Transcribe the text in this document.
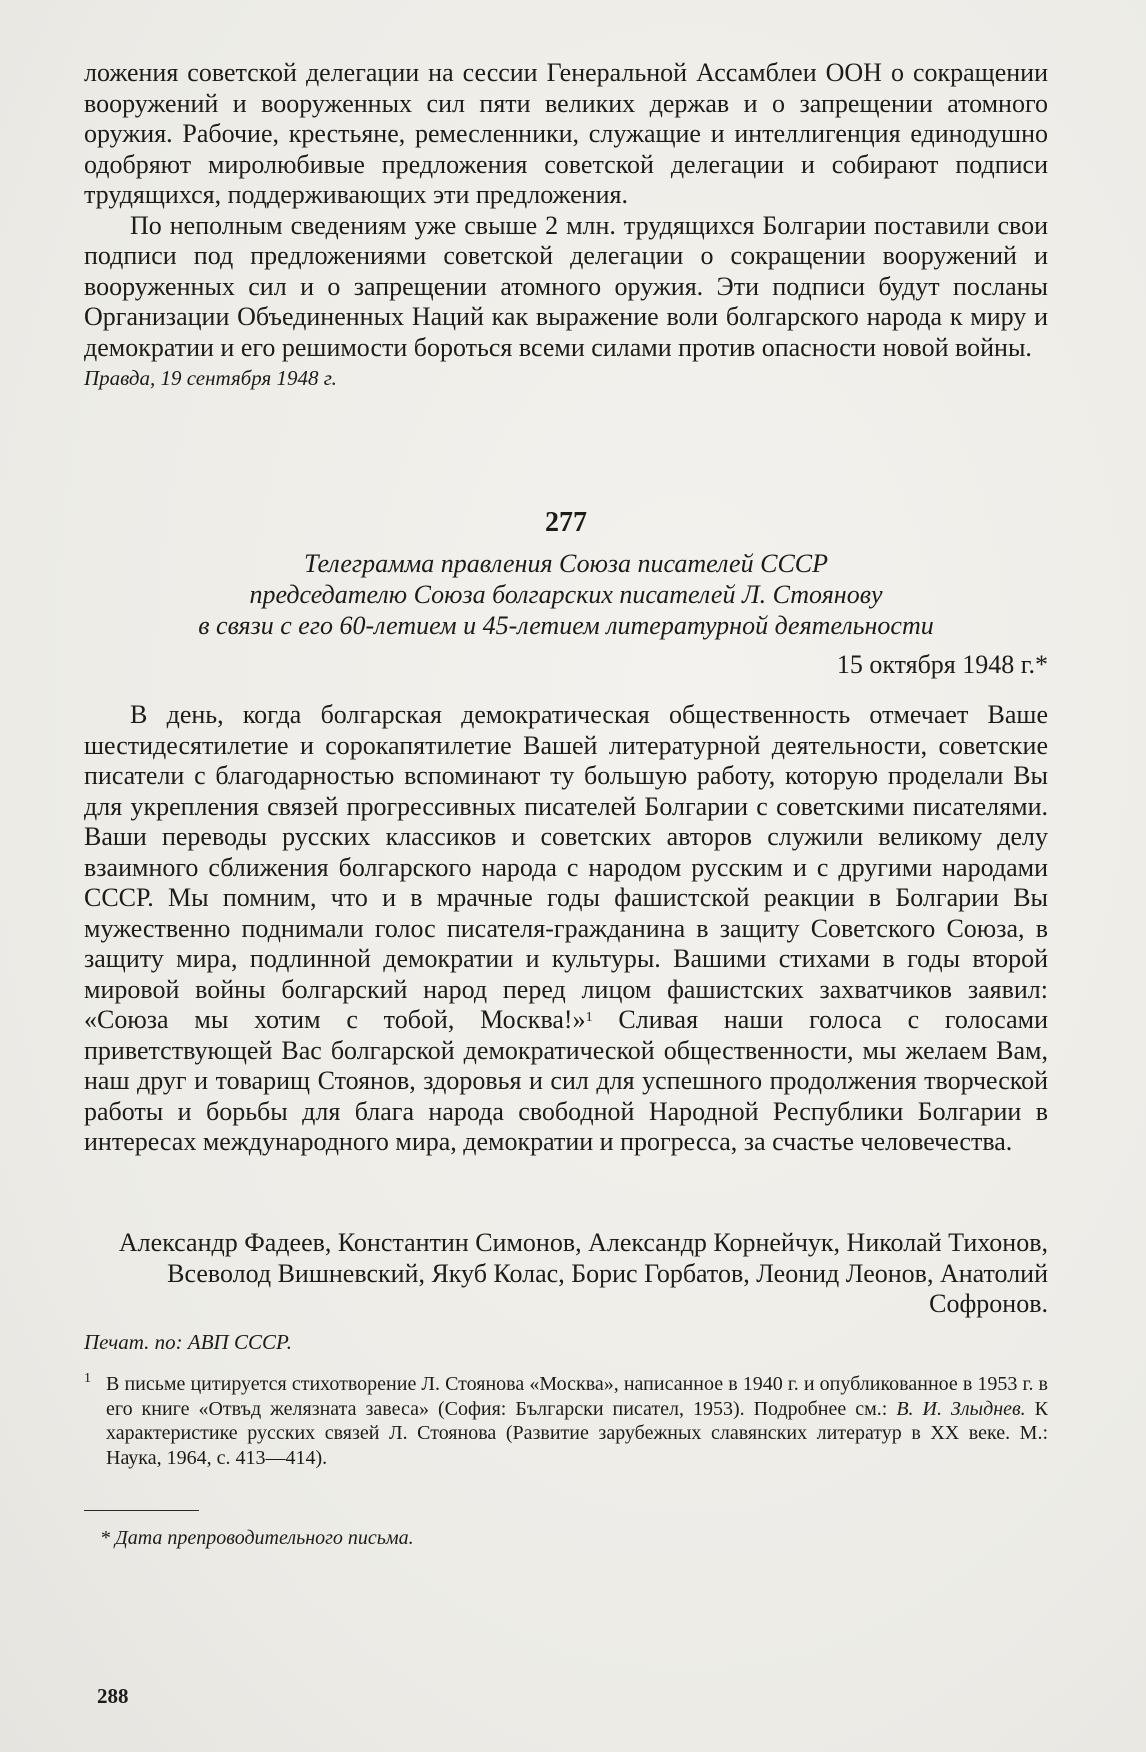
ложения советской делегации на сессии Генеральной Ассамблеи ООН о сокращении вооружений и вооруженных сил пяти великих держав и о запрещении атомного оружия. Рабочие, крестьяне, ремесленники, служащие и интеллигенция единодушно одобряют миролюбивые предложения советской делегации и собирают подписи трудящихся, поддерживающих эти предложения.

По неполным сведениям уже свыше 2 млн. трудящихся Болгарии поставили свои подписи под предложениями советской делегации о сокращении вооружений и вооруженных сил и о запрещении атомного оружия. Эти подписи будут посланы Организации Объединенных Наций как выражение воли болгарского народа к миру и демократии и его решимости бороться всеми силами против опасности новой войны.

Правда, 19 сентября 1948 г.
277
Телеграмма правления Союза писателей СССР
председателю Союза болгарских писателей Л. Стоянову
в связи с его 60-летием и 45-летием литературной деятельности
15 октября 1948 г.*

В день, когда болгарская демократическая общественность отмечает Ваше шестидесятилетие и сорокапятилетие Вашей литературной деятельности, советские писатели с благодарностью вспоминают ту большую работу, которую проделали Вы для укрепления связей прогрессивных писателей Болгарии с советскими писателями. Ваши переводы русских классиков и советских авторов служили великому делу взаимного сближения болгарского народа с народом русским и с другими народами СССР. Мы помним, что и в мрачные годы фашистской реакции в Болгарии Вы мужественно поднимали голос писателя-гражданина в защиту Советского Союза, в защиту мира, подлинной демократии и культуры. Вашими стихами в годы второй мировой войны болгарский народ перед лицом фашистских захватчиков заявил: «Союза мы хотим с тобой, Москва!»$^1$ Сливая наши голоса с голосами приветствующей Вас болгарской демократической общественности, мы желаем Вам, наш друг и товарищ Стоянов, здоровья и сил для успешного продолжения творческой работы и борьбы для блага народа свободной Народной Республики Болгарии в интересах международного мира, демократии и прогресса, за счастье человечества.

Александр Фадеев, Константин Симонов, Александр Корнейчук, Николай Тихонов, Всеволод Вишневский, Якуб Колас, Борис Горбатов, Леонид Леонов, Анатолий Софронов.
Печат. по: АВП СССР.
1 В письме цитируется стихотворение Л. Стоянова «Москва», написанное в 1940 г. и опубликованное в 1953 г. в его книге «Отвъд желязната завеса» (София: Български писател, 1953). Подробнее см.: В. И. Злыднев. К характеристике русских связей Л. Стоянова (Развитие зарубежных славянских литератур в XX веке. М.: Наука, 1964, с. 413—414).
* Дата препроводительного письма.
288
